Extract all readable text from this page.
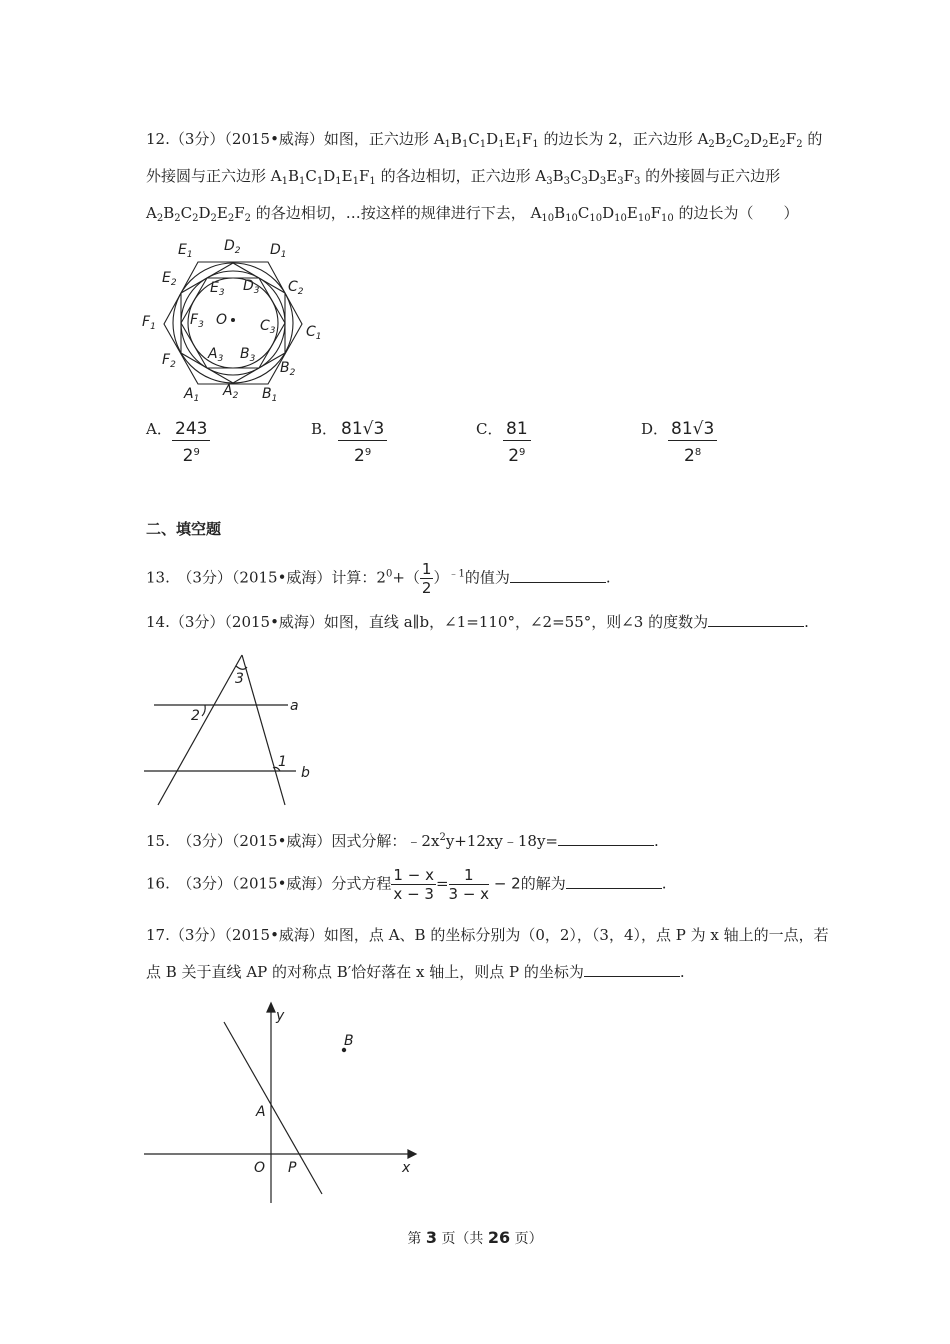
12.（3分）（2015•威海）如图，正六边形 $A_1B_1C_1D_1E_1F_1$ 的边长为 2，正六边形 $A_2B_2C_2D_2E_2F_2$ 的
外接圆与正六边形 $A_1B_1C_1D_1E_1F_1$ 的各边相切，正六边形 $A_3B_3C_3D_3E_3F_3$ 的外接圆与正六边形
$A_2B_2C_2D_2E_2F_2$ 的各边相切，…按这样的规律进行下去， $A_{10}B_{10}C_{10}D_{10}E_{10}F_{10}$ 的边长为（　　）
$E_1$
$D_2$ $D_1$
$E_2$ $E_3$ $D_3$ $C_2$
$F_1$ $F_3$ O $C_3$ $C_1$
$F_2$
$A_3$ $B_3$
$B_2$
$A_1$ $A_2$ $B_1$
A． 243
$2^9$
B． 81√3
$2^9$
C． 81
$2^9$
D． 81√3
$2^8$
二、填空题
13.　（3分）（2015•威海）计算：$2^0+( \frac{1}{2} )^{﹣1}$的值为	.
14.（3分）（2015•威海）如图，直线 a∥b，∠1=110°，∠2=55°，则∠3 的度数为	.
3
2
a
1
b
15.　（3分）（2015•威海）因式分解：$﹣2x^2y+12xy﹣18y=$	.
16.　（3分）（2015•威海）分式方程 $\frac{1 - x}{x - 3} = \frac{1}{3 - x} - 2$的解为	.
17.（3分）（2015•威海）如图，点 A、B 的坐标分别为（0，2），（3，4），点 P 为 x 轴上的一点，若
点 B 关于直线 AP 的对称点 B′恰好落在 x 轴上，则点 P 的坐标为	.
y
B
A
O P	x
第 3 页（共 26 页）
